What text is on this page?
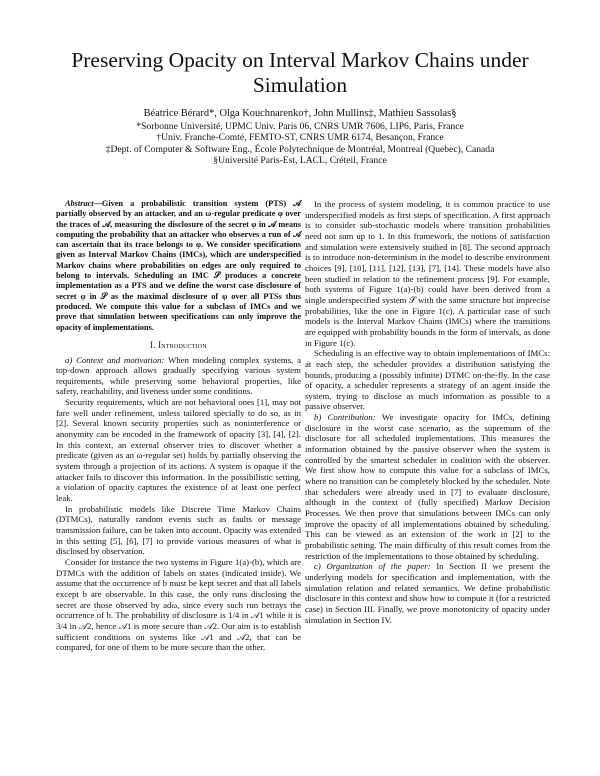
Preserving Opacity on Interval Markov Chains under Simulation
Béatrice Bérard*, Olga Kouchnarenko†, John Mullins‡, Mathieu Sassolas§
*Sorbonne Université, UPMC Univ. Paris 06, CNRS UMR 7606, LIP6, Paris, France
†Univ. Franche-Comté, FEMTO-ST, CNRS UMR 6174, Besançon, France
‡Dept. of Computer & Software Eng., École Polytechnique de Montréal, Montreal (Quebec), Canada
§Université Paris-Est, LACL, Créteil, France

Abstract—Given a probabilistic transition system (PTS) 𝒜 partially observed by an attacker, and an ω-regular predicate φ over the traces of 𝒜, measuring the disclosure of the secret φ in 𝒜 means computing the probability that an attacker who observes a run of 𝒜 can ascertain that its trace belongs to φ. We consider specifications given as Interval Markov Chains (IMCs), which are underspecified Markov chains where probabilities on edges are only required to belong to intervals. Scheduling an IMC 𝒮 produces a concrete implementation as a PTS and we define the worst case disclosure of secret φ in 𝒮 as the maximal disclosure of φ over all PTSs thus produced. We compute this value for a subclass of IMCs and we prove that simulation between specifications can only improve the opacity of implementations.

I. Introduction

a) Context and motivation: When modeling complex systems, a top-down approach allows gradually specifying various system requirements, while preserving some behavioral properties, like safety, reachability, and liveness under some conditions.

Security requirements, which are not behavioral ones [1], may not fare well under refinement, unless tailored specially to do so, as in [2]. Several known security properties such as noninterference or anonymity can be encoded in the framework of opacity [3], [4], [2]. In this context, an external observer tries to discover whether a predicate (given as an ω-regular set) holds by partially observing the system through a projection of its actions. A system is opaque if the attacker fails to discover this information. In the possibilistic setting, a violation of opacity captures the existence of at least one perfect leak.

In probabilistic models like Discrete Time Markov Chains (DTMCs), naturally random events such as faults or message transmission failure, can be taken into account. Opacity was extended in this setting [5], [6], [7] to provide various measures of what is disclosed by observation.

Consider for instance the two systems in Figure 1(a)-(b), which are DTMCs with the addition of labels on states (indicated inside). We assume that the occurrence of b must be kept secret and that all labels except b are observable. In this case, the only runs disclosing the secret are those observed by adω, since every such run betrays the occurrence of b. The probability of disclosure is 1/4 in 𝒜1 while it is 3/4 in 𝒜2, hence 𝒜1 is more secure than 𝒜2. Our aim is to establish sufficient conditions on systems like 𝒜1 and 𝒜2, that can be compared, for one of them to be more secure than the other.

In the process of system modeling, it is common practice to use underspecified models as first steps of specification. A first approach is to consider sub-stochastic models where transition probabilities need not sum up to 1. In this framework, the notions of satisfaction and simulation were extensively studied in [8]. The second approach is to introduce non-determinism in the model to describe environment choices [9], [10], [11], [12], [13], [7], [14]. These models have also been studied in relation to the refinement process [9]. For example, both systems of Figure 1(a)-(b) could have been derived from a single underspecified system 𝒮 with the same structure but imprecise probabilities, like the one in Figure 1(c). A particular case of such models is the Interval Markov Chains (IMCs) where the transitions are equipped with probability bounds in the form of intervals, as done in Figure 1(c).

Scheduling is an effective way to obtain implementations of IMCs: at each step, the scheduler provides a distribution satisfying the bounds, producing a (possibly infinite) DTMC on-the-fly. In the case of opacity, a scheduler represents a strategy of an agent inside the system, trying to disclose as much information as possible to a passive observer.

b) Contribution: We investigate opacity for IMCs, defining disclosure in the worst case scenario, as the supremum of the disclosure for all scheduled implementations. This measures the information obtained by the passive observer when the system is controlled by the smartest scheduler in coalition with the observer. We first show how to compute this value for a subclass of IMCs, where no transition can be completely blocked by the scheduler. Note that schedulers were already used in [7] to evaluate disclosure, although in the context of (fully specified) Markov Decision Processes. We then prove that simulations between IMCs can only improve the opacity of all implementations obtained by scheduling. This can be viewed as an extension of the work in [2] to the probabilistic setting. The main difficulty of this result comes from the restriction of the implementations to those obtained by scheduling.

c) Organization of the paper: In Section II we present the underlying models for specification and implementation, with the simulation relation and related semantics. We define probabilistic disclosure in this context and show how to compute it (for a restricted case) in Section III. Finally, we prove monotonicity of opacity under simulation in Section IV.
